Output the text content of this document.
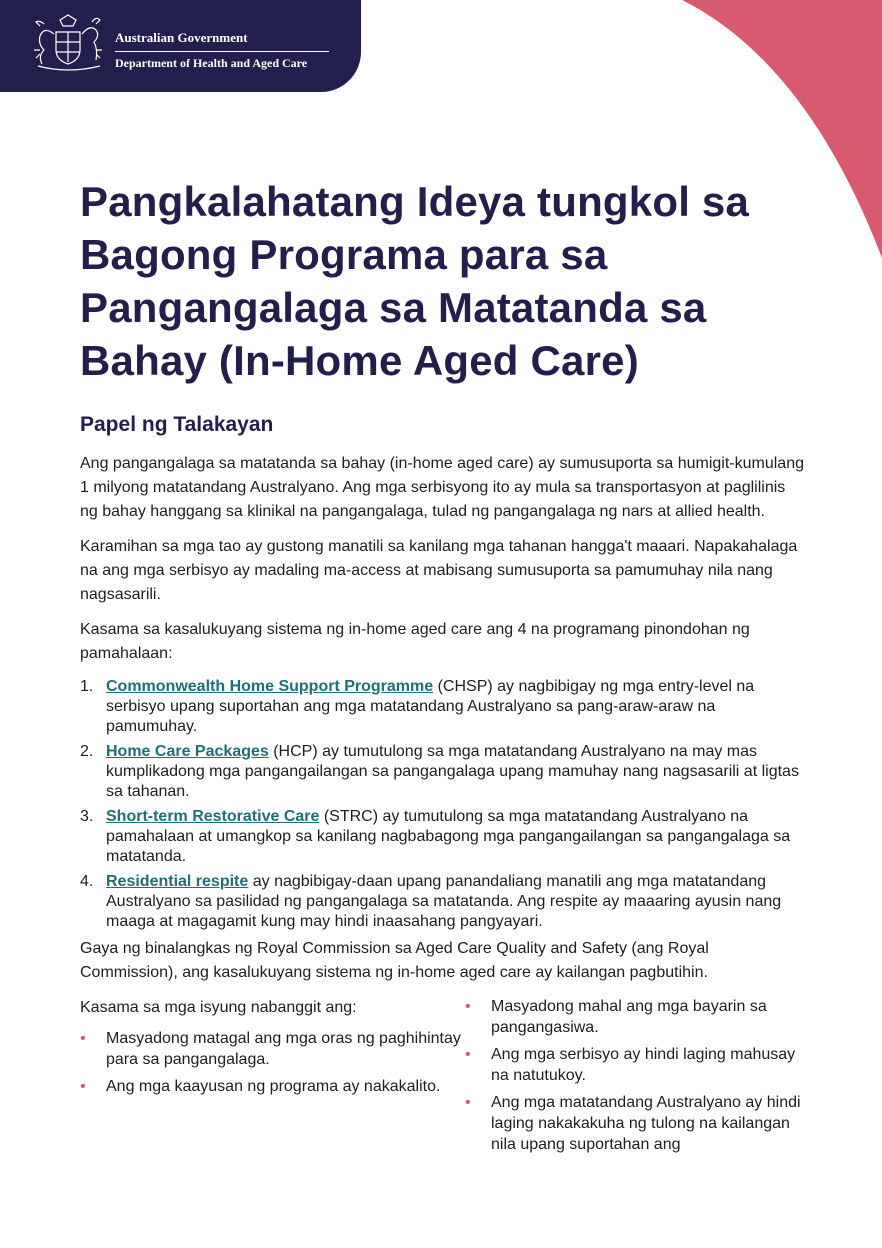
Australian Government
Department of Health and Aged Care
Pangkalahatang Ideya tungkol sa Bagong Programa para sa Pangangalaga sa Matatanda sa Bahay (In-Home Aged Care)
Papel ng Talakayan

Ang pangangalaga sa matatanda sa bahay (in-home aged care) ay sumusuporta sa humigit-kumulang 1 milyong matatandang Australyano. Ang mga serbisyong ito ay mula sa transportasyon at paglilinis ng bahay hanggang sa klinikal na pangangalaga, tulad ng pangangalaga ng nars at allied health.

Karamihan sa mga tao ay gustong manatili sa kanilang mga tahanan hangga't maaari. Napakahalaga na ang mga serbisyo ay madaling ma-access at mabisang sumusuporta sa pamumuhay nila nang nagsasarili.

Kasama sa kasalukuyang sistema ng in-home aged care ang 4 na programang pinondohan ng pamahalaan:

1. Commonwealth Home Support Programme (CHSP) ay nagbibigay ng mga entry-level na serbisyo upang suportahan ang mga matatandang Australyano sa pang-araw-araw na pamumuhay.
2. Home Care Packages (HCP) ay tumutulong sa mga matatandang Australyano na may mas kumplikadong mga pangangailangan sa pangangalaga upang mamuhay nang nagsasarili at ligtas sa tahanan.
3. Short-term Restorative Care (STRC) ay tumutulong sa mga matatandang Australyano na pamahalaan at umangkop sa kanilang nagbabagong mga pangangailangan sa pangangalaga sa matatanda.
4. Residential respite ay nagbibigay-daan upang panandaliang manatili ang mga matatandang Australyano sa pasilidad ng pangangalaga sa matatanda. Ang respite ay maaaring ayusin nang maaga at magagamit kung may hindi inaasahang pangyayari.

Gaya ng binalangkas ng Royal Commission sa Aged Care Quality and Safety (ang Royal Commission), ang kasalukuyang sistema ng in-home aged care ay kailangan pagbutihin.

Kasama sa mga isyung nabanggit ang:

• Masyadong matagal ang mga oras ng paghihintay para sa pangangalaga.
• Ang mga kaayusan ng programa ay nakakalito.
• Masyadong mahal ang mga bayarin sa pangangasiwa.
• Ang mga serbisyo ay hindi laging mahusay na natutukoy.
• Ang mga matatandang Australyano ay hindi laging nakakakuha ng tulong na kailangan nila upang suportahan ang
